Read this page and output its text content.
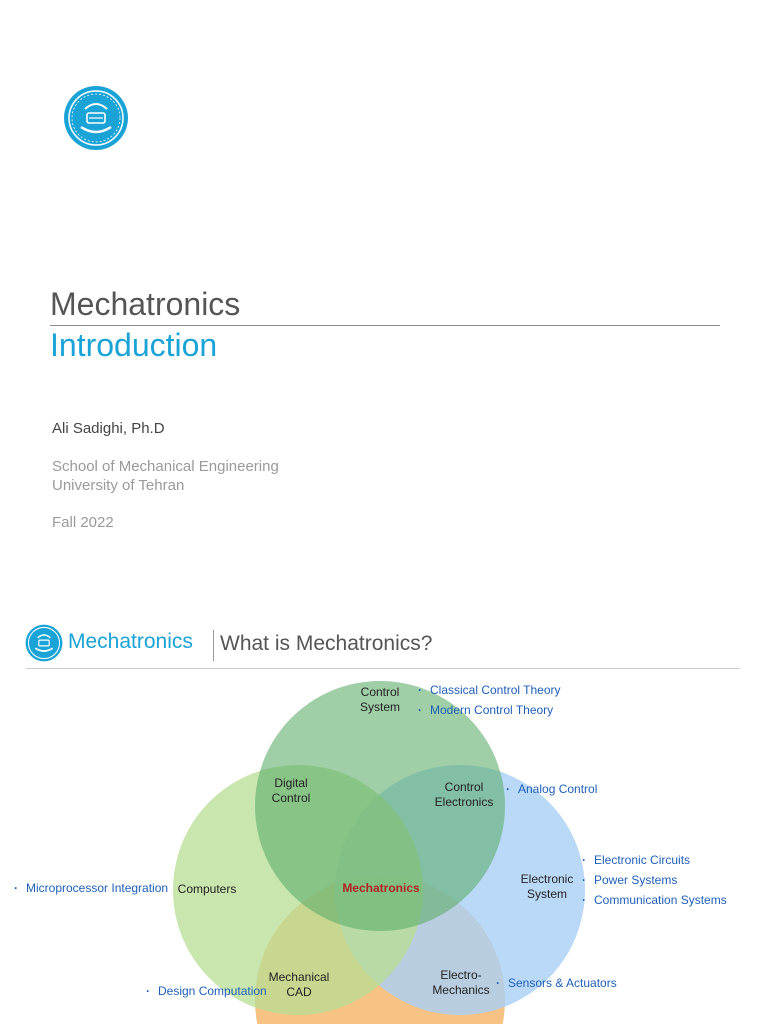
Mechatronics
Introduction
Ali Sadighi, Ph.D
School of Mechanical Engineering
University of Tehran
Fall 2022
Mechatronics What is Mechatronics?
Control
System
Digital
Control
Control
Electronics
Computers	Mechatronics
Electronic
System
Mechanical
CAD
Electro-
Mechanics
· Classical Control Theory
· Modern Control Theory
· Analog Control
· Electronic Circuits
· Power Systems
· Communication Systems
· Microprocessor Integration
· Design Computation
· Sensors & Actuators
